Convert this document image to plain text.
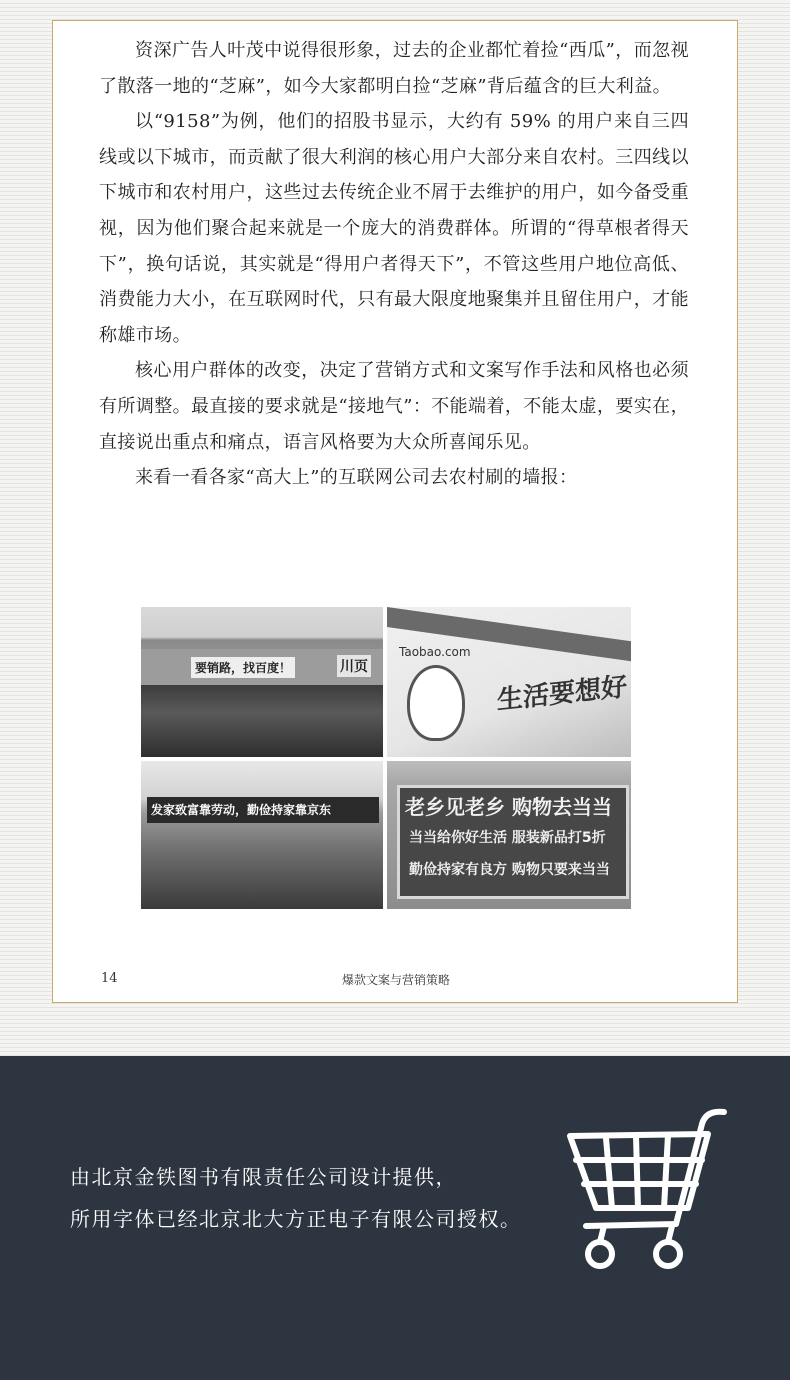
资深广告人叶茂中说得很形象，过去的企业都忙着捡“西瓜”，而忽视了散落一地的“芝麻”，如今大家都明白捡“芝麻”背后蕴含的巨大利益。

以“9158”为例，他们的招股书显示，大约有 59% 的用户来自三四线或以下城市，而贡献了很大利润的核心用户大部分来自农村。三四线以下城市和农村用户，这些过去传统企业不屑于去维护的用户，如今备受重视，因为他们聚合起来就是一个庞大的消费群体。所谓的“得草根者得天下”，换句话说，其实就是“得用户者得天下”，不管这些用户地位高低、消费能力大小，在互联网时代，只有最大限度地聚集并且留住用户，才能称雄市场。

核心用户群体的改变，决定了营销方式和文案写作手法和风格也必须有所调整。最直接的要求就是“接地气”：不能端着，不能太虚，要实在，直接说出重点和痛点，语言风格要为大众所喜闻乐见。

来看一看各家“高大上”的互联网公司去农村刷的墙报：

要销路，找百度！	川页
Taobao.com
生活要想好
发家致富靠劳动，勤俭持家靠京东	老乡见老乡 购物去当当
当当给你好生活 服装新品打5折
勤俭持家有良方 购物只要来当当
14	爆款文案与营销策略
由北京金铁图书有限责任公司设计提供，
所用字体已经北京北大方正电子有限公司授权。
